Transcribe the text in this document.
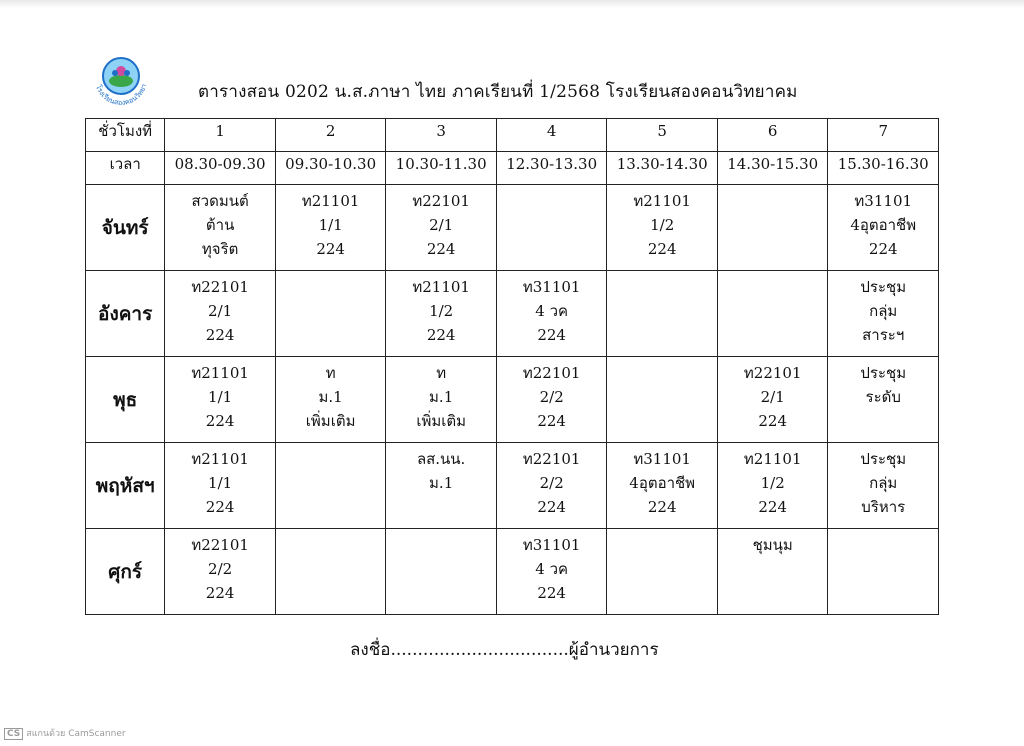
โรงเรียนสองคอนวิทยา	ตารางสอน 0202 น.ส.ภาษา ไทย ภาคเรียนที่ 1/2568 โรงเรียนสองคอนวิทยาคม
ชั่วโมงที่	1	2	3	4	5	6	7
เวลา	08.30-09.30	09.30-10.30	10.30-11.30	12.30-13.30	13.30-14.30	14.30-15.30	15.30-16.30
จันทร์	สวดมนต์
ต้าน
ทุจริต	ท21101
1/1
224	ท22101
2/1
224		ท21101
1/2
224		ท31101
4อุตอาชีพ
224

อังคาร	ท22101
2/1
224		ท21101
1/2
224	ท31101
4 วค
224			ประชุม
กลุ่ม
สาระฯ

พุธ	ท21101
1/1
224	ท
ม.1
เพิ่มเติม	ท
ม.1
เพิ่มเติม	ท22101
2/2
224		ท22101
2/1
224	ประชุม
ระดับ

พฤหัสฯ	ท21101
1/1
224		ลส.นน.
ม.1	ท22101
2/2
224	ท31101
4อุตอาชีพ
224	ท21101
1/2
224	ประชุม
กลุ่ม
บริหาร

ศุกร์	ท22101
2/2
224			ท31101
4 วค
224		ชุมนุม	

ลงชื่อ.................................ผู้อำนวยการ
CS สแกนด้วย CamScanner
